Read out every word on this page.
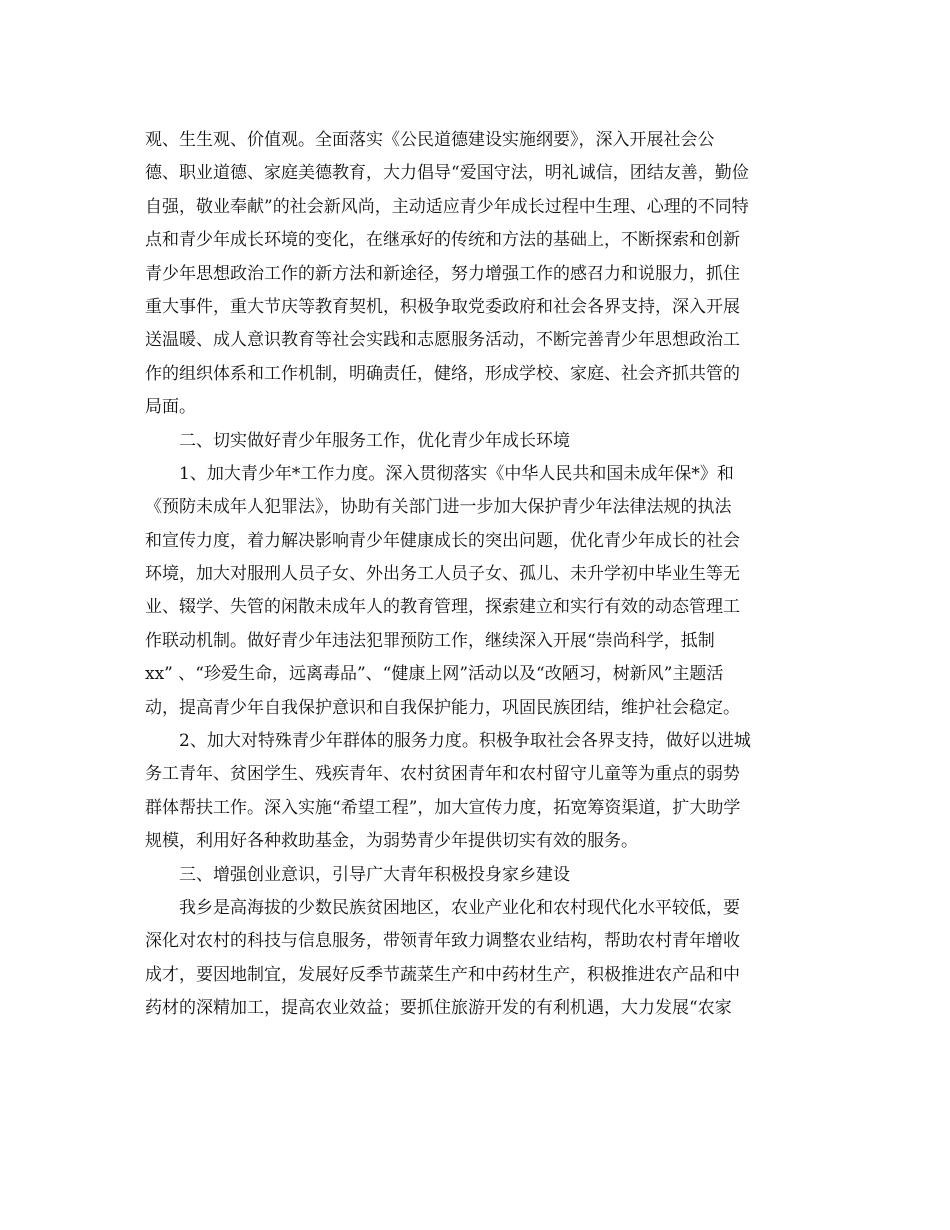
观、生生观、价值观。全面落实《公民道德建设实施纲要》，深入开展社会公
德、职业道德、家庭美德教育，大力倡导“爱国守法，明礼诚信，团结友善，勤俭
自强，敬业奉献”的社会新风尚，主动适应青少年成长过程中生理、心理的不同特
点和青少年成长环境的变化，在继承好的传统和方法的基础上，不断探索和创新
青少年思想政治工作的新方法和新途径，努力增强工作的感召力和说服力，抓住
重大事件，重大节庆等教育契机，积极争取党委政府和社会各界支持，深入开展
送温暖、成人意识教育等社会实践和志愿服务活动，不断完善青少年思想政治工
作的组织体系和工作机制，明确责任，健络，形成学校、家庭、社会齐抓共管的
局面。
二、切实做好青少年服务工作，优化青少年成长环境
1、加大青少年*工作力度。深入贯彻落实《中华人民共和国未成年保*》和
《预防未成年人犯罪法》，协助有关部门进一步加大保护青少年法律法规的执法
和宣传力度，着力解决影响青少年健康成长的突出问题，优化青少年成长的社会
环境，加大对服刑人员子女、外出务工人员子女、孤儿、未升学初中毕业生等无
业、辍学、失管的闲散未成年人的教育管理，探索建立和实行有效的动态管理工
作联动机制。做好青少年违法犯罪预防工作，继续深入开展“崇尚科学，抵制
xx” 、“珍爱生命，远离毒品”、“健康上网”活动以及“改陋习，树新风”主题活
动，提高青少年自我保护意识和自我保护能力，巩固民族团结，维护社会稳定。
2、加大对特殊青少年群体的服务力度。积极争取社会各界支持，做好以进城
务工青年、贫困学生、残疾青年、农村贫困青年和农村留守儿童等为重点的弱势
群体帮扶工作。深入实施“希望工程”，加大宣传力度，拓宽筹资渠道，扩大助学
规模，利用好各种救助基金，为弱势青少年提供切实有效的服务。
三、增强创业意识，引导广大青年积极投身家乡建设
我乡是高海拔的少数民族贫困地区，农业产业化和农村现代化水平较低，要
深化对农村的科技与信息服务，带领青年致力调整农业结构，帮助农村青年增收
成才，要因地制宜，发展好反季节蔬菜生产和中药材生产，积极推进农产品和中
药材的深精加工，提高农业效益；要抓住旅游开发的有利机遇，大力发展“农家
